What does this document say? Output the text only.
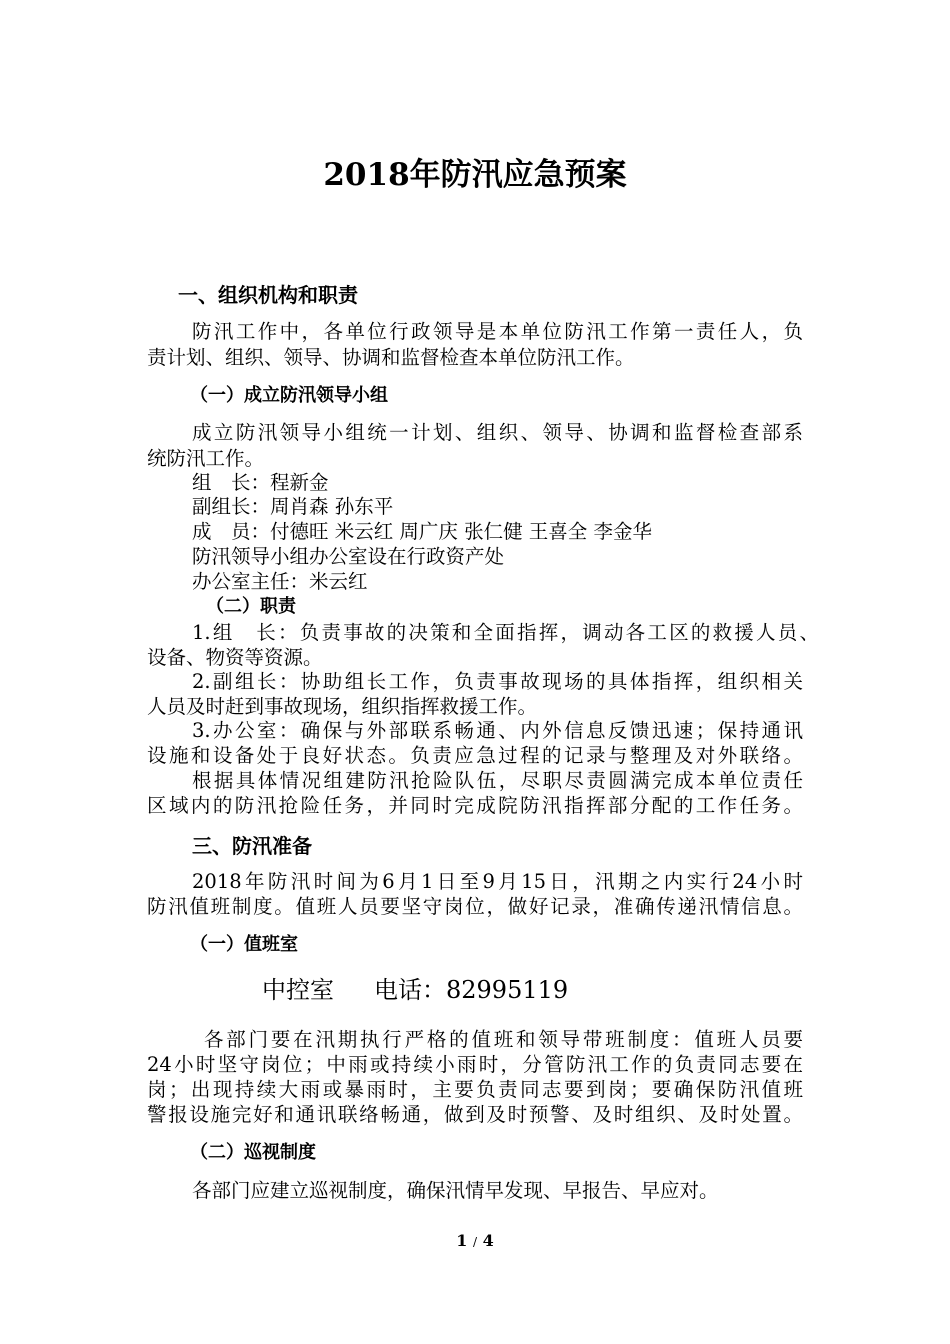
2018年防汛应急预案
一、组织机构和职责
防汛工作中，各单位行政领导是本单位防汛工作第一责任人，负
责计划、组织、领导、协调和监督检查本单位防汛工作。
（一）成立防汛领导小组
成立防汛领导小组统一计划、组织、领导、协调和监督检查部系
统防汛工作。
组　长：程新金
副组长：周肖森 孙东平
成　员：付德旺 米云红 周广庆 张仁健 王喜全 李金华
防汛领导小组办公室设在行政资产处
办公室主任：米云红
（二）职责
1.组　长：负责事故的决策和全面指挥，调动各工区的救援人员、
设备、物资等资源。
2.副组长：协助组长工作，负责事故现场的具体指挥，组织相关
人员及时赶到事故现场，组织指挥救援工作。
3.办公室：确保与外部联系畅通、内外信息反馈迅速；保持通讯
设施和设备处于良好状态。负责应急过程的记录与整理及对外联络。
根据具体情况组建防汛抢险队伍，尽职尽责圆满完成本单位责任
区域内的防汛抢险任务，并同时完成院防汛指挥部分配的工作任务。
三、防汛准备
2018年防汛时间为6月1日至9月15日，汛期之内实行24小时
防汛值班制度。值班人员要坚守岗位，做好记录，准确传递汛情信息。
（一）值班室
中控室 电话：82995119
各部门要在汛期执行严格的值班和领导带班制度：值班人员要
24小时坚守岗位；中雨或持续小雨时，分管防汛工作的负责同志要在
岗；出现持续大雨或暴雨时，主要负责同志要到岗；要确保防汛值班
警报设施完好和通讯联络畅通，做到及时预警、及时组织、及时处置。
（二）巡视制度
各部门应建立巡视制度，确保汛情早发现、早报告、早应对。
1 / 4
